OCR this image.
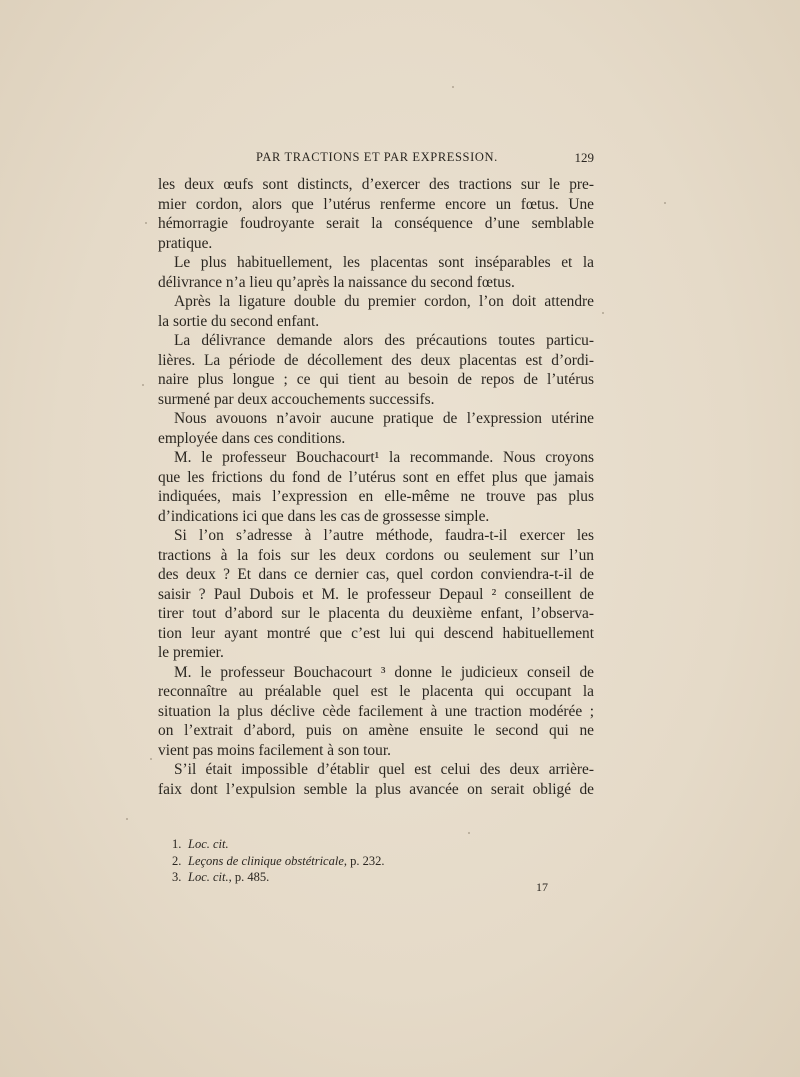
PAR TRACTIONS ET PAR EXPRESSION.	129
les deux œufs sont distincts, d’exercer des tractions sur le pre-
mier cordon, alors que l’utérus renferme encore un fœtus. Une
hémorragie foudroyante serait la conséquence d’une semblable
pratique.
Le plus habituellement, les placentas sont inséparables et la
délivrance n’a lieu qu’après la naissance du second fœtus.
Après la ligature double du premier cordon, l’on doit attendre
la sortie du second enfant.
La délivrance demande alors des précautions toutes particu-
lières. La période de décollement des deux placentas est d’ordi-
naire plus longue ; ce qui tient au besoin de repos de l’utérus
surmené par deux accouchements successifs.
Nous avouons n’avoir aucune pratique de l’expression utérine
employée dans ces conditions.
M. le professeur Bouchacourt¹ la recommande. Nous croyons
que les frictions du fond de l’utérus sont en effet plus que jamais
indiquées, mais l’expression en elle-même ne trouve pas plus
d’indications ici que dans les cas de grossesse simple.
Si l’on s’adresse à l’autre méthode, faudra-t-il exercer les
tractions à la fois sur les deux cordons ou seulement sur l’un
des deux ? Et dans ce dernier cas, quel cordon conviendra-t-il de
saisir ? Paul Dubois et M. le professeur Depaul ² conseillent de
tirer tout d’abord sur le placenta du deuxième enfant, l’observa-
tion leur ayant montré que c’est lui qui descend habituellement
le premier.
M. le professeur Bouchacourt ³ donne le judicieux conseil de
reconnaître au préalable quel est le placenta qui occupant la
situation la plus déclive cède facilement à une traction modérée ;
on l’extrait d’abord, puis on amène ensuite le second qui ne
vient pas moins facilement à son tour.
S’il était impossible d’établir quel est celui des deux arrière-
faix dont l’expulsion semble la plus avancée on serait obligé de
1. Loc. cit.
2. Leçons de clinique obstétricale, p. 232.
3. Loc. cit., p. 485.
17
